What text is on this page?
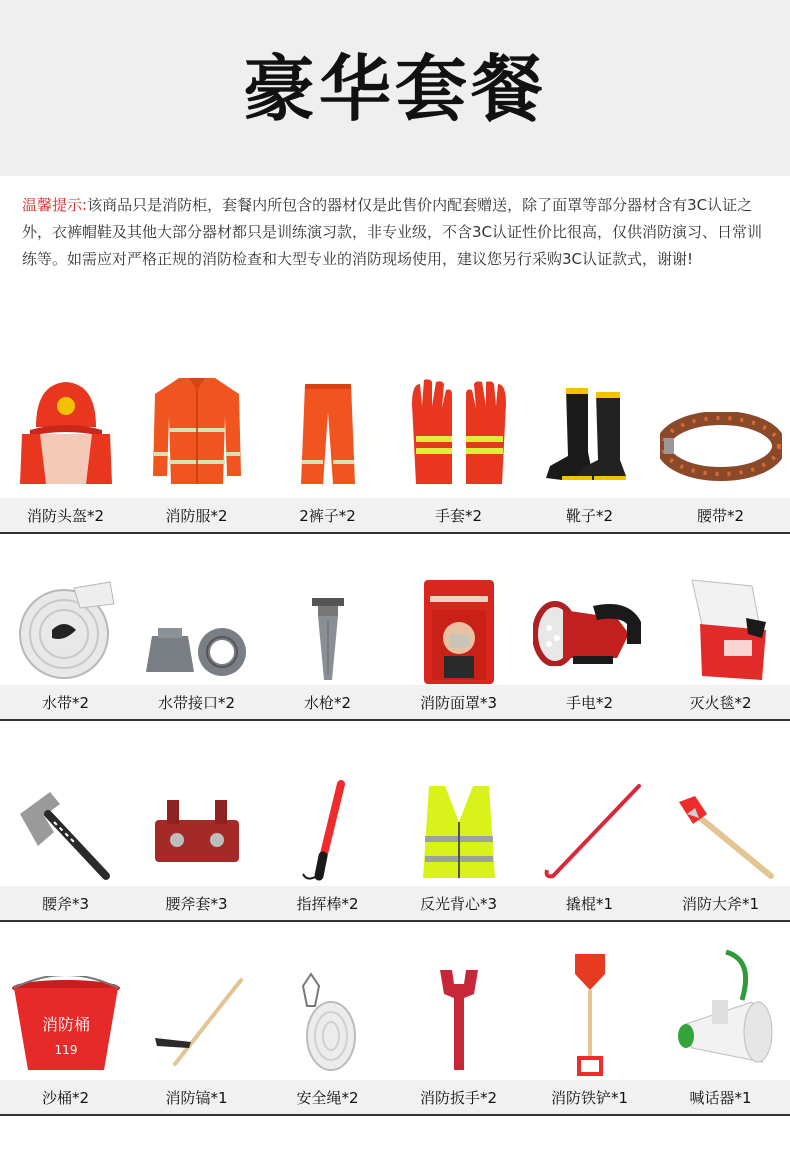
豪华套餐
温馨提示:该商品只是消防柜，套餐内所包含的器材仅是此售价内配套赠送，除了面罩等部分器材含有3C认证之外，衣裤帽鞋及其他大部分器材都只是训练演习款，非专业级，不含3C认证性价比很高，仅供消防演习、日常训练等。如需应对严格正规的消防检查和大型专业的消防现场使用，建议您另行采购3C认证款式，谢谢!
消防头盔*2	消防服*2	2裤子*2	手套*2	靴子*2	腰带*2
水带*2	水带接口*2	水枪*2	消防面罩*3	手电*2	灭火毯*2
腰斧*3	腰斧套*3	指挥棒*2	反光背心*3	撬棍*1	消防大斧*1
消防桶
119
沙桶*2	消防镐*1	安全绳*2	消防扳手*2	消防铁铲*1	喊话器*1
